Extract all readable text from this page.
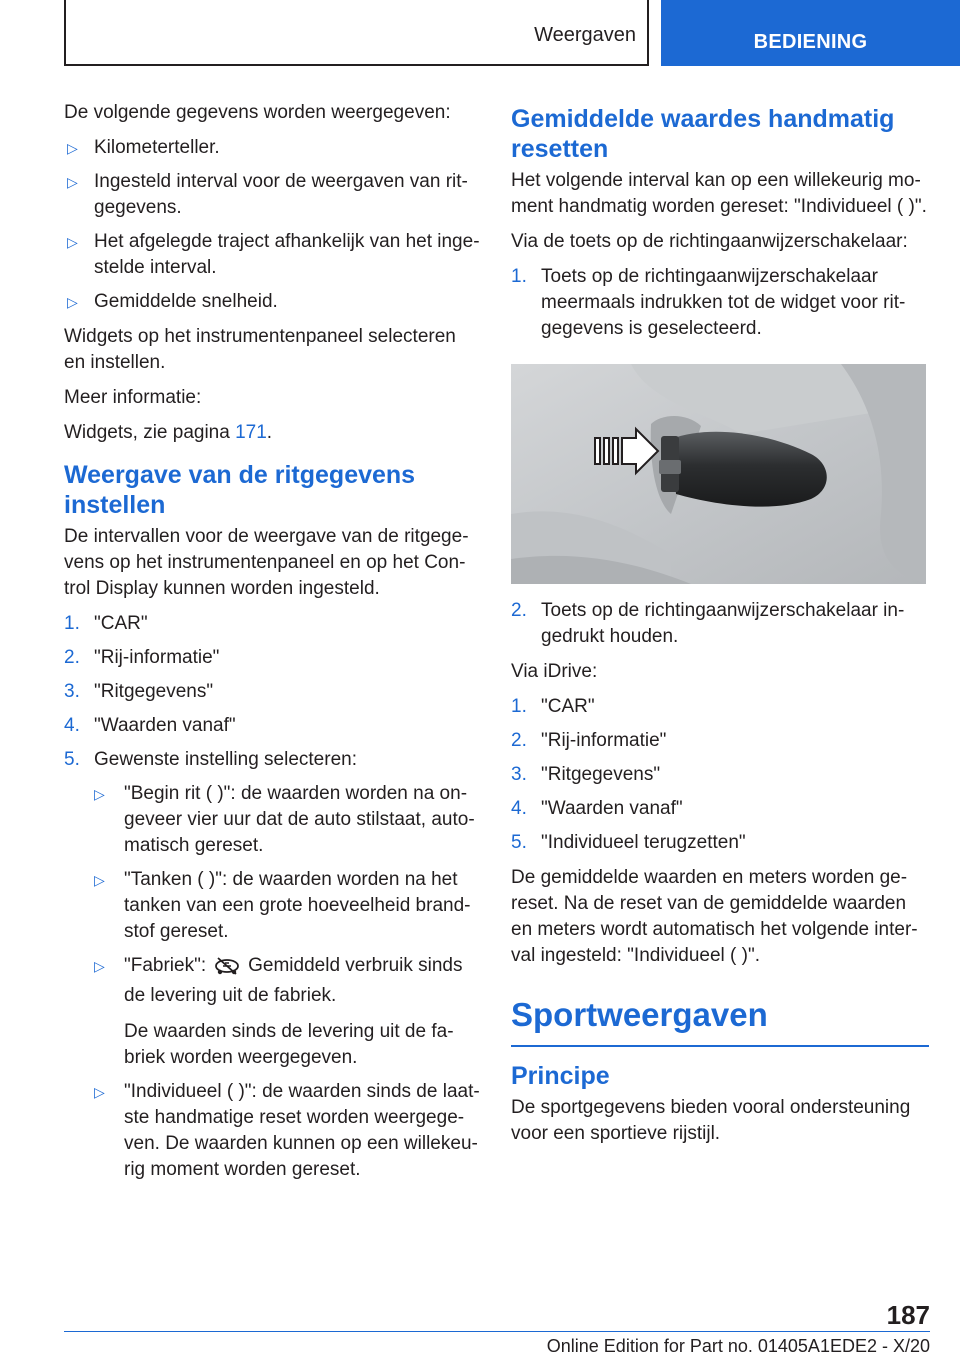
Weergaven	BEDIENING

De volgende gegevens worden weergegeven:

▷ Kilometerteller.
▷ Ingesteld interval voor de weergaven van ritgegevens.
▷ Het afgelegde traject afhankelijk van het ingestelde interval.
▷ Gemiddelde snelheid.

Widgets op het instrumentenpaneel selecteren en instellen.

Meer informatie:

Widgets, zie pagina 171.

Weergave van de ritgegevens instellen

De intervallen voor de weergave van de ritgegevens op het instrumentenpaneel en op het Control Display kunnen worden ingesteld.

1. "CAR"
2. "Rij-informatie"
3. "Ritgegevens"
4. "Waarden vanaf"
5. Gewenste instelling selecteren:
▷ "Begin rit ( )": de waarden worden na ongeveer vier uur dat de auto stilstaat, automatisch gereset.
▷ "Tanken ( )": de waarden worden na het tanken van een grote hoeveelheid brandstof gereset.
▷ "Fabriek": Gemiddeld verbruik sinds de levering uit de fabriek.
De waarden sinds de levering uit de fabriek worden weergegeven.
▷ "Individueel ( )": de waarden sinds de laatste handmatige reset worden weergegeven. De waarden kunnen op een willekeurig moment worden gereset.
Gemiddelde waardes handmatig resetten

Het volgende interval kan op een willekeurig moment handmatig worden gereset: "Individueel ( )".

Via de toets op de richtingaanwijzerschakelaar:

1. Toets op de richtingaanwijzerschakelaar meermaals indrukken tot de widget voor ritgegevens is geselecteerd.
2. Toets op de richtingaanwijzerschakelaar ingedrukt houden.

Via iDrive:

1. "CAR"
2. "Rij-informatie"
3. "Ritgegevens"
4. "Waarden vanaf"
5. "Individueel terugzetten"

De gemiddelde waarden en meters worden gereset. Na de reset van de gemiddelde waarden en meters wordt automatisch het volgende interval ingesteld: "Individueel ( )".

Sportweergaven
Principe

De sportgegevens bieden vooral ondersteuning voor een sportieve rijstijl.

187
Online Edition for Part no. 01405A1EDE2 - X/20
